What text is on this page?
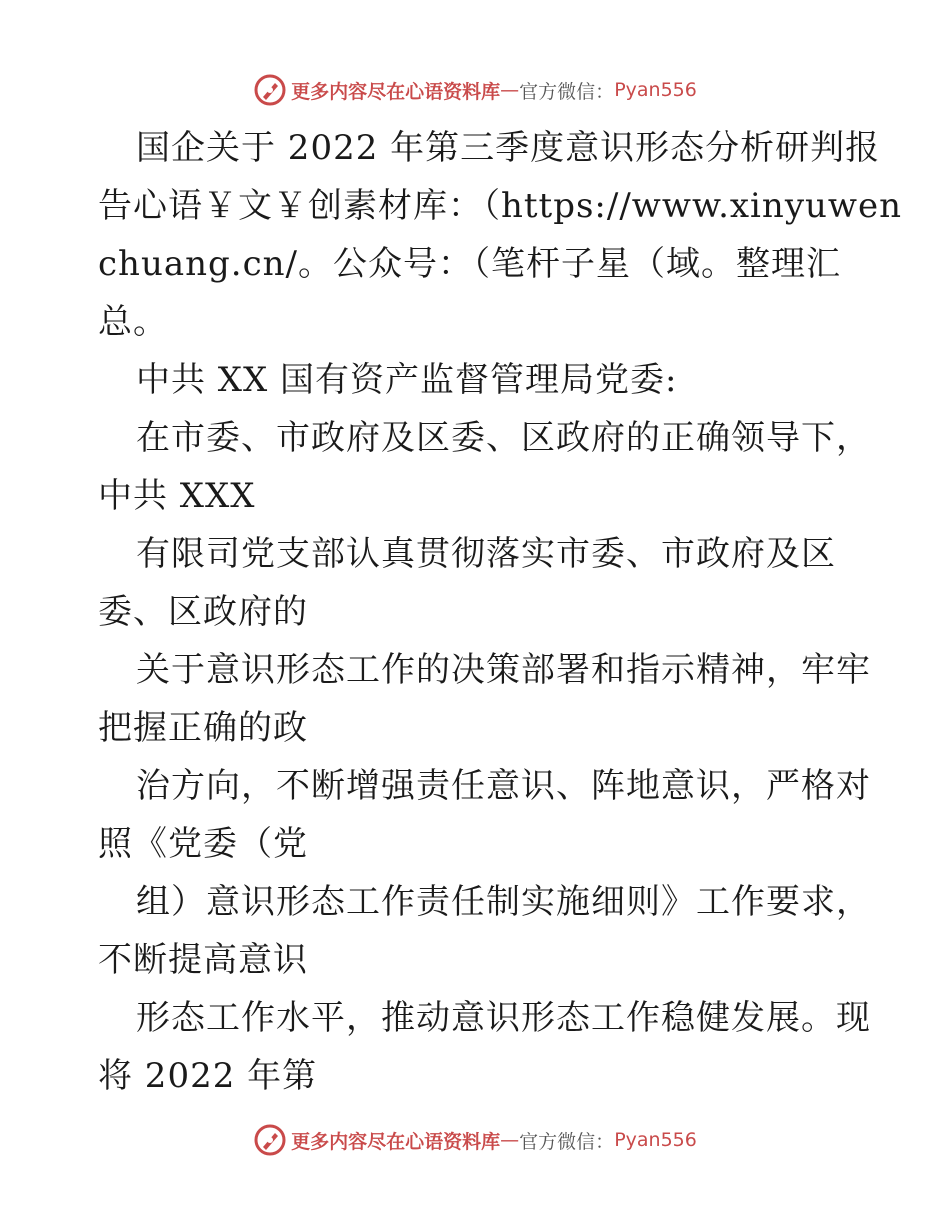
更多内容尽在心语资料库 — 官方微信： Pyan556
国企关于 2022 年第三季度意识形态分析研判报
告心语￥文￥创素材库：（https://www.xinyuwen
chuang.cn/。公众号：（笔杆子星（域。整理汇
总。
中共 XX 国有资产监督管理局党委:
在市委、市政府及区委、区政府的正确领导下，
中共 XXX
有限司党支部认真贯彻落实市委、市政府及区
委、区政府的
关于意识形态工作的决策部署和指示精神，牢牢
把握正确的政
治方向，不断增强责任意识、阵地意识，严格对
照《党委（党
组）意识形态工作责任制实施细则》工作要求，
不断提高意识
形态工作水平，推动意识形态工作稳健发展。现
将 2022 年第
更多内容尽在心语资料库 — 官方微信： Pyan556
